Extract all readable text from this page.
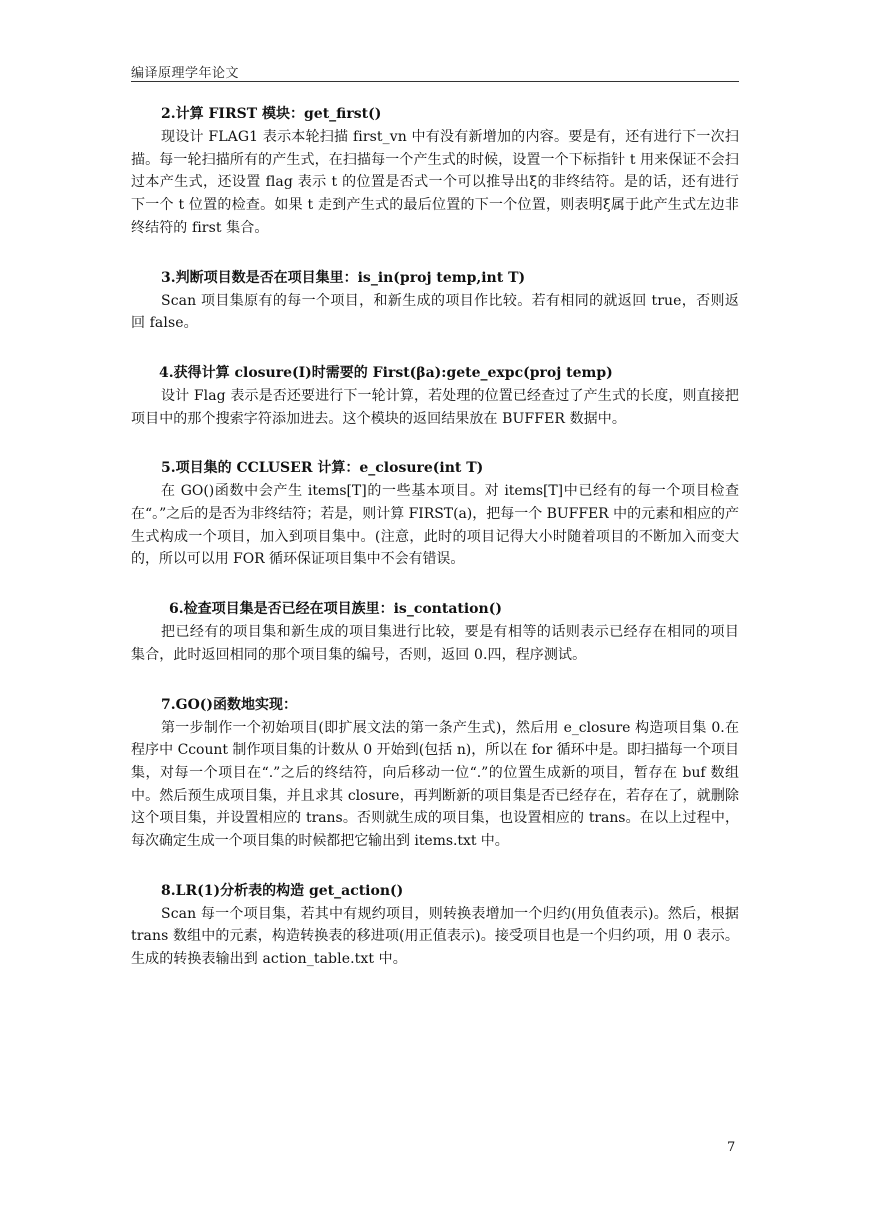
编译原理学年论文
2.计算 FIRST 模块：get_first()

现设计 FLAG1 表示本轮扫描 first_vn 中有没有新增加的内容。要是有，还有进行下一次扫描。每一轮扫描所有的产生式，在扫描每一个产生式的时候，设置一个下标指针 t 用来保证不会扫过本产生式，还设置 flag 表示 t 的位置是否式一个可以推导出ξ的非终结符。是的话，还有进行下一个 t 位置的检查。如果 t 走到产生式的最后位置的下一个位置，则表明ξ属于此产生式左边非终结符的 first 集合。

3.判断项目数是否在项目集里：is_in(proj temp,int T)

Scan 项目集原有的每一个项目，和新生成的项目作比较。若有相同的就返回 true，否则返回 false。

4.获得计算 closure(I)时需要的 First(βa):gete_expc(proj temp)

设计 Flag 表示是否还要进行下一轮计算，若处理的位置已经查过了产生式的长度，则直接把项目中的那个搜索字符添加进去。这个模块的返回结果放在 BUFFER 数据中。

5.项目集的 CCLUSER 计算：e_closure(int T)

在 GO()函数中会产生 items[T]的一些基本项目。对 items[T]中已经有的每一个项目检查在“。”之后的是否为非终结符；若是，则计算 FIRST(a)，把每一个 BUFFER 中的元素和相应的产生式构成一个项目，加入到项目集中。(注意，此时的项目记得大小时随着项目的不断加入而变大的，所以可以用 FOR 循环保证项目集中不会有错误。

6.检查项目集是否已经在项目族里：is_contation()

把已经有的项目集和新生成的项目集进行比较，要是有相等的话则表示已经存在相同的项目集合，此时返回相同的那个项目集的编号，否则，返回 0.四，程序测试。

7.GO()函数地实现：

第一步制作一个初始项目(即扩展文法的第一条产生式)，然后用 e_closure 构造项目集 0.在程序中 Ccount 制作项目集的计数从 0 开始到(包括 n)，所以在 for 循环中是。即扫描每一个项目集，对每一个项目在“.”之后的终结符，向后移动一位“.”的位置生成新的项目，暂存在 buf 数组中。然后预生成项目集，并且求其 closure，再判断新的项目集是否已经存在，若存在了，就删除这个项目集，并设置相应的 trans。否则就生成的项目集，也设置相应的 trans。在以上过程中，每次确定生成一个项目集的时候都把它输出到 items.txt 中。

8.LR(1)分析表的构造 get_action()

Scan 每一个项目集，若其中有规约项目，则转换表增加一个归约(用负值表示)。然后，根据 trans 数组中的元素，构造转换表的移进项(用正值表示)。接受项目也是一个归约项，用 0 表示。生成的转换表输出到 action_table.txt 中。

7
